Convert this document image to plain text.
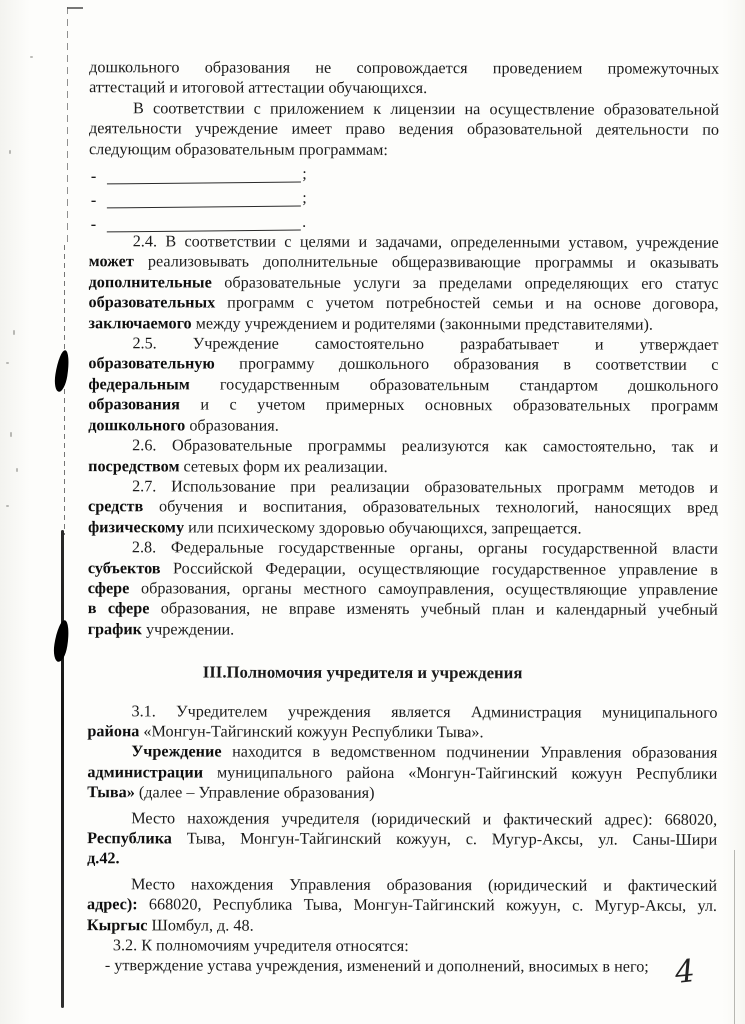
дошкольного образования не сопровождается проведением промежуточных
аттестаций и итоговой аттестации обучающихся.
В соответствии с приложением к лицензии на осуществление образовательной
деятельности учреждение имеет право ведения образовательной деятельности по
следующим образовательным программам:
-	;
-	;
-	.
2.4. В соответствии с целями и задачами, определенными уставом, учреждение
может реализовывать дополнительные общеразвивающие программы и оказывать
дополнительные образовательные услуги за пределами определяющих его статус
образовательных программ с учетом потребностей семьи и на основе договора,
заключаемого между учреждением и родителями (законными представителями).
2.5. Учреждение самостоятельно разрабатывает и утверждает
образовательную программу дошкольного образования в соответствии с
федеральным государственным образовательным стандартом дошкольного
образования и с учетом примерных основных образовательных программ
дошкольного образования.
2.6. Образовательные программы реализуются как самостоятельно, так и
посредством сетевых форм их реализации.
2.7. Использование при реализации образовательных программ методов и
средств обучения и воспитания, образовательных технологий, наносящих вред
физическому или психическому здоровью обучающихся, запрещается.
2.8. Федеральные государственные органы, органы государственной власти
субъектов Российской Федерации, осуществляющие государственное управление в
сфере образования, органы местного самоуправления, осуществляющие управление
в сфере образования, не вправе изменять учебный план и календарный учебный
график учреждении.
III.Полномочия учредителя и учреждения
3.1. Учредителем учреждения является Администрация муниципального
района «Монгун-Тайгинский кожуун Республики Тыва».
Учреждение находится в ведомственном подчинении Управления образования
администрации муниципального района «Монгун-Тайгинский кожуун Республики
Тыва» (далее – Управление образования)
Место нахождения учредителя (юридический и фактический адрес): 668020,
Республика Тыва, Монгун-Тайгинский кожуун, с. Мугур-Аксы, ул. Саны-Шири
д.42.
Место нахождения Управления образования (юридический и фактический
адрес): 668020, Республика Тыва, Монгун-Тайгинский кожуун, с. Мугур-Аксы, ул.
Кыргыс Шомбул, д. 48.
3.2. К полномочиям учредителя относятся:
- утверждение устава учреждения, изменений и дополнений, вносимых в него; 4
